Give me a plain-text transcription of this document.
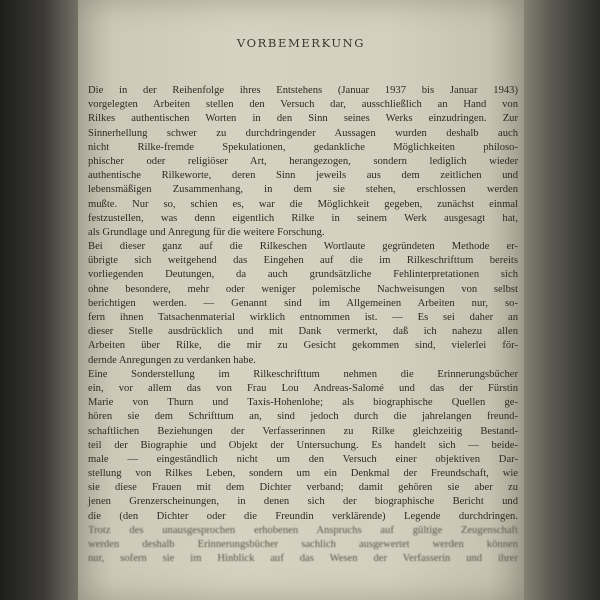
VORBEMERKUNG
Die in der Reihenfolge ihres Entstehens (Januar 1937 bis Januar 1943)
vorgelegten Arbeiten stellen den Versuch dar, ausschließlich an Hand von
Rilkes authentischen Worten in den Sinn seines Werks einzudringen. Zur
Sinnerhellung schwer zu durchdringender Aussagen wurden deshalb auch
nicht Rilke-fremde Spekulationen, gedankliche Möglichkeiten philoso-
phischer oder religiöser Art, herangezogen, sondern lediglich wieder
authentische Rilkeworte, deren Sinn jeweils aus dem zeitlichen und
lebensmäßigen Zusammenhang, in dem sie stehen, erschlossen werden
mußte. Nur so, schien es, war die Möglichkeit gegeben, zunächst einmal
festzustellen, was denn eigentlich Rilke in seinem Werk ausgesagt hat,
als Grundlage und Anregung für die weitere Forschung.
Bei dieser ganz auf die Rilkeschen Wortlaute gegründeten Methode er-
übrigte sich weitgehend das Eingehen auf die im Rilkeschrifttum bereits
vorliegenden Deutungen, da auch grundsätzliche Fehlinterpretationen sich
ohne besondere, mehr oder weniger polemische Nachweisungen von selbst
berichtigen werden. — Genannt sind im Allgemeinen Arbeiten nur, so-
fern ihnen Tatsachenmaterial wirklich entnommen ist. — Es sei daher an
dieser Stelle ausdrücklich und mit Dank vermerkt, daß ich nahezu allen
Arbeiten über Rilke, die mir zu Gesicht gekommen sind, vielerlei för-
dernde Anregungen zu verdanken habe.
Eine Sonderstellung im Rilkeschrifttum nehmen die Erinnerungsbücher
ein, vor allem das von Frau Lou Andreas-Salomé und das der Fürstin
Marie von Thurn und Taxis-Hohenlohe; als biographische Quellen ge-
hören sie dem Schrifttum an, sind jedoch durch die jahrelangen freund-
schaftlichen Beziehungen der Verfasserinnen zu Rilke gleichzeitig Bestand-
teil der Biographie und Objekt der Untersuchung. Es handelt sich — beide-
male — eingeständlich nicht um den Versuch einer objektiven Dar-
stellung von Rilkes Leben, sondern um ein Denkmal der Freundschaft, wie
sie diese Frauen mit dem Dichter verband; damit gehören sie aber zu
jenen Grenzerscheinungen, in denen sich der biographische Bericht und
die (den Dichter oder die Freundin verklärende) Legende durchdringen.
Trotz des unausgesprochen erhobenen Anspruchs auf gültige Zeugenschaft
werden deshalb Erinnerungsbücher sachlich ausgewertet werden können
nur, sofern sie im Hinblick auf das Wesen der Verfasserin und ihrer
